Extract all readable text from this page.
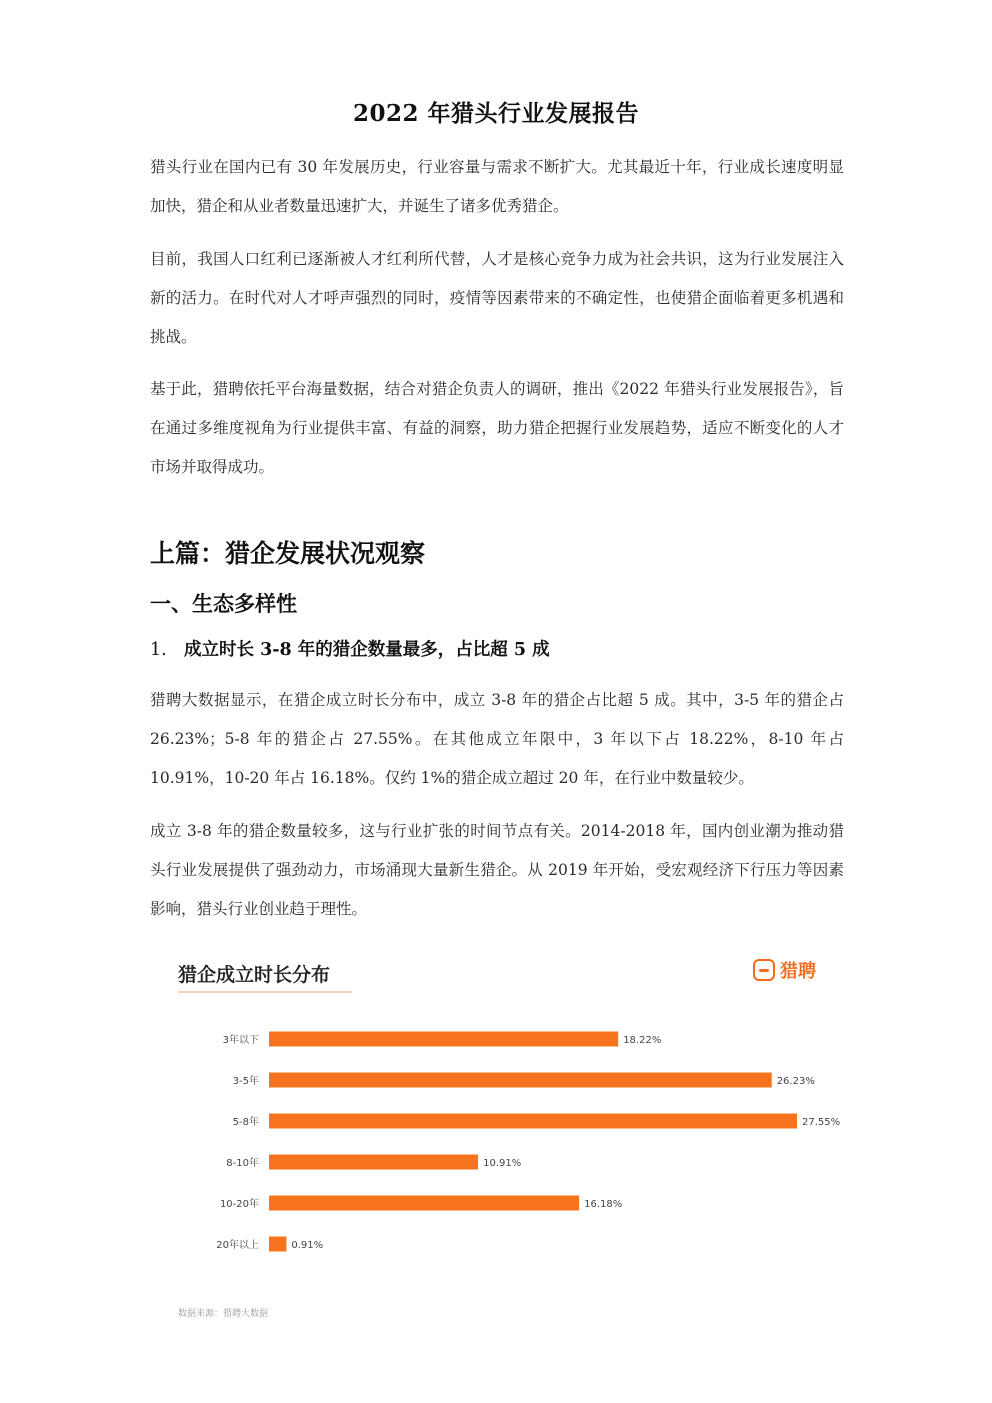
2022 年猎头行业发展报告

猎头行业在国内已有 30 年发展历史，行业容量与需求不断扩大。尤其最近十年，行业成长速度明显加快，猎企和从业者数量迅速扩大，并诞生了诸多优秀猎企。

目前，我国人口红利已逐渐被人才红利所代替，人才是核心竞争力成为社会共识，这为行业发展注入新的活力。在时代对人才呼声强烈的同时，疫情等因素带来的不确定性，也使猎企面临着更多机遇和挑战。

基于此，猎聘依托平台海量数据，结合对猎企负责人的调研，推出《2022 年猎头行业发展报告》，旨在通过多维度视角为行业提供丰富、有益的洞察，助力猎企把握行业发展趋势，适应不断变化的人才市场并取得成功。

上篇：猎企发展状况观察
一、生态多样性
1. 成立时长 3-8 年的猎企数量最多，占比超 5 成

猎聘大数据显示，在猎企成立时长分布中，成立 3-8 年的猎企占比超 5 成。其中，3-5 年的猎企占 26.23%；5-8 年的猎企占 27.55%。在其他成立年限中，3 年以下占 18.22%，8-10 年占 10.91%，10-20 年占 16.18%。仅约 1%的猎企成立超过 20 年，在行业中数量较少。

成立 3-8 年的猎企数量较多，这与行业扩张的时间节点有关。2014-2018 年，国内创业潮为推动猎头行业发展提供了强劲动力，市场涌现大量新生猎企。从 2019 年开始，受宏观经济下行压力等因素影响，猎头行业创业趋于理性。

3年以下	18.22%
3-5年	26.23%
5-8年	27.55%
8-10年	10.91%
10-20年	16.18%
20年以上	0.91%
猎企成立时长分布	猎聘

数据来源：猎聘大数据
